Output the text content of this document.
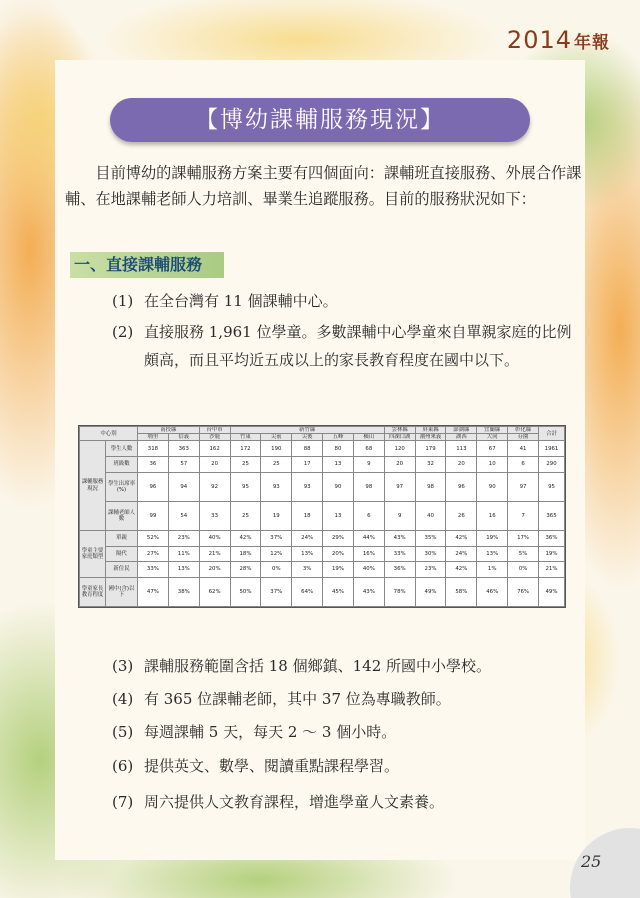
2014 年報
【博幼課輔服務現況】

目前博幼的課輔服務方案主要有四個面向：課輔班直接服務、外展合作課輔、在地課輔老師人力培訓、畢業生追蹤服務。目前的服務狀況如下：

一、直接課輔服務
(1) 在全台灣有 11 個課輔中心。
(2) 直接服務 1,961 位學童。多數課輔中心學童來自單親家庭的比例頗高，而且平均近五成以上的家長教育程度在國中以下。
中心別		南投縣		台中市	新竹縣					雲林縣	屏東縣	澎湖縣	宜蘭縣	彰化縣	合計
		埔里	信義	沙鹿	竹東	尖前	尖後	五峰	橫山	四湖口湖	潮州來義	湖西	大同	芬園	
課輔服務現況	學生人數	318	363	162	172	190	88	80	68	120	179	113	67	41	1961
	班級數	36	57	20	25	25	17	13	9	20	32	20	10	6	290
	學生出席率(%)	96	94	92	95	93	93	90	98	97	98	96	90	97	95
	課輔老師人數	99	54	33	25	19	18	13	6	9	40	26	16	7	365
學童主要家庭類型	單親	52%	23%	40%	42%	37%	24%	29%	44%	43%	35%	42%	19%	17%	36%
	隔代	27%	11%	21%	18%	12%	13%	20%	16%	33%	30%	24%	13%	5%	19%
	新住民	33%	13%	20%	28%	0%	3%	19%	40%	36%	23%	42%	1%	0%	21%
學童家長教育程度	國中(含)以下	47%	38%	62%	50%	37%	64%	45%	43%	78%	49%	58%	46%	76%	49%
(3) 課輔服務範圍含括 18 個鄉鎮、142 所國中小學校。
(4) 有 365 位課輔老師，其中 37 位為專職教師。
(5) 每週課輔 5 天，每天 2 ～ 3 個小時。
(6) 提供英文、數學、閱讀重點課程學習。
(7) 周六提供人文教育課程，增進學童人文素養。
25
